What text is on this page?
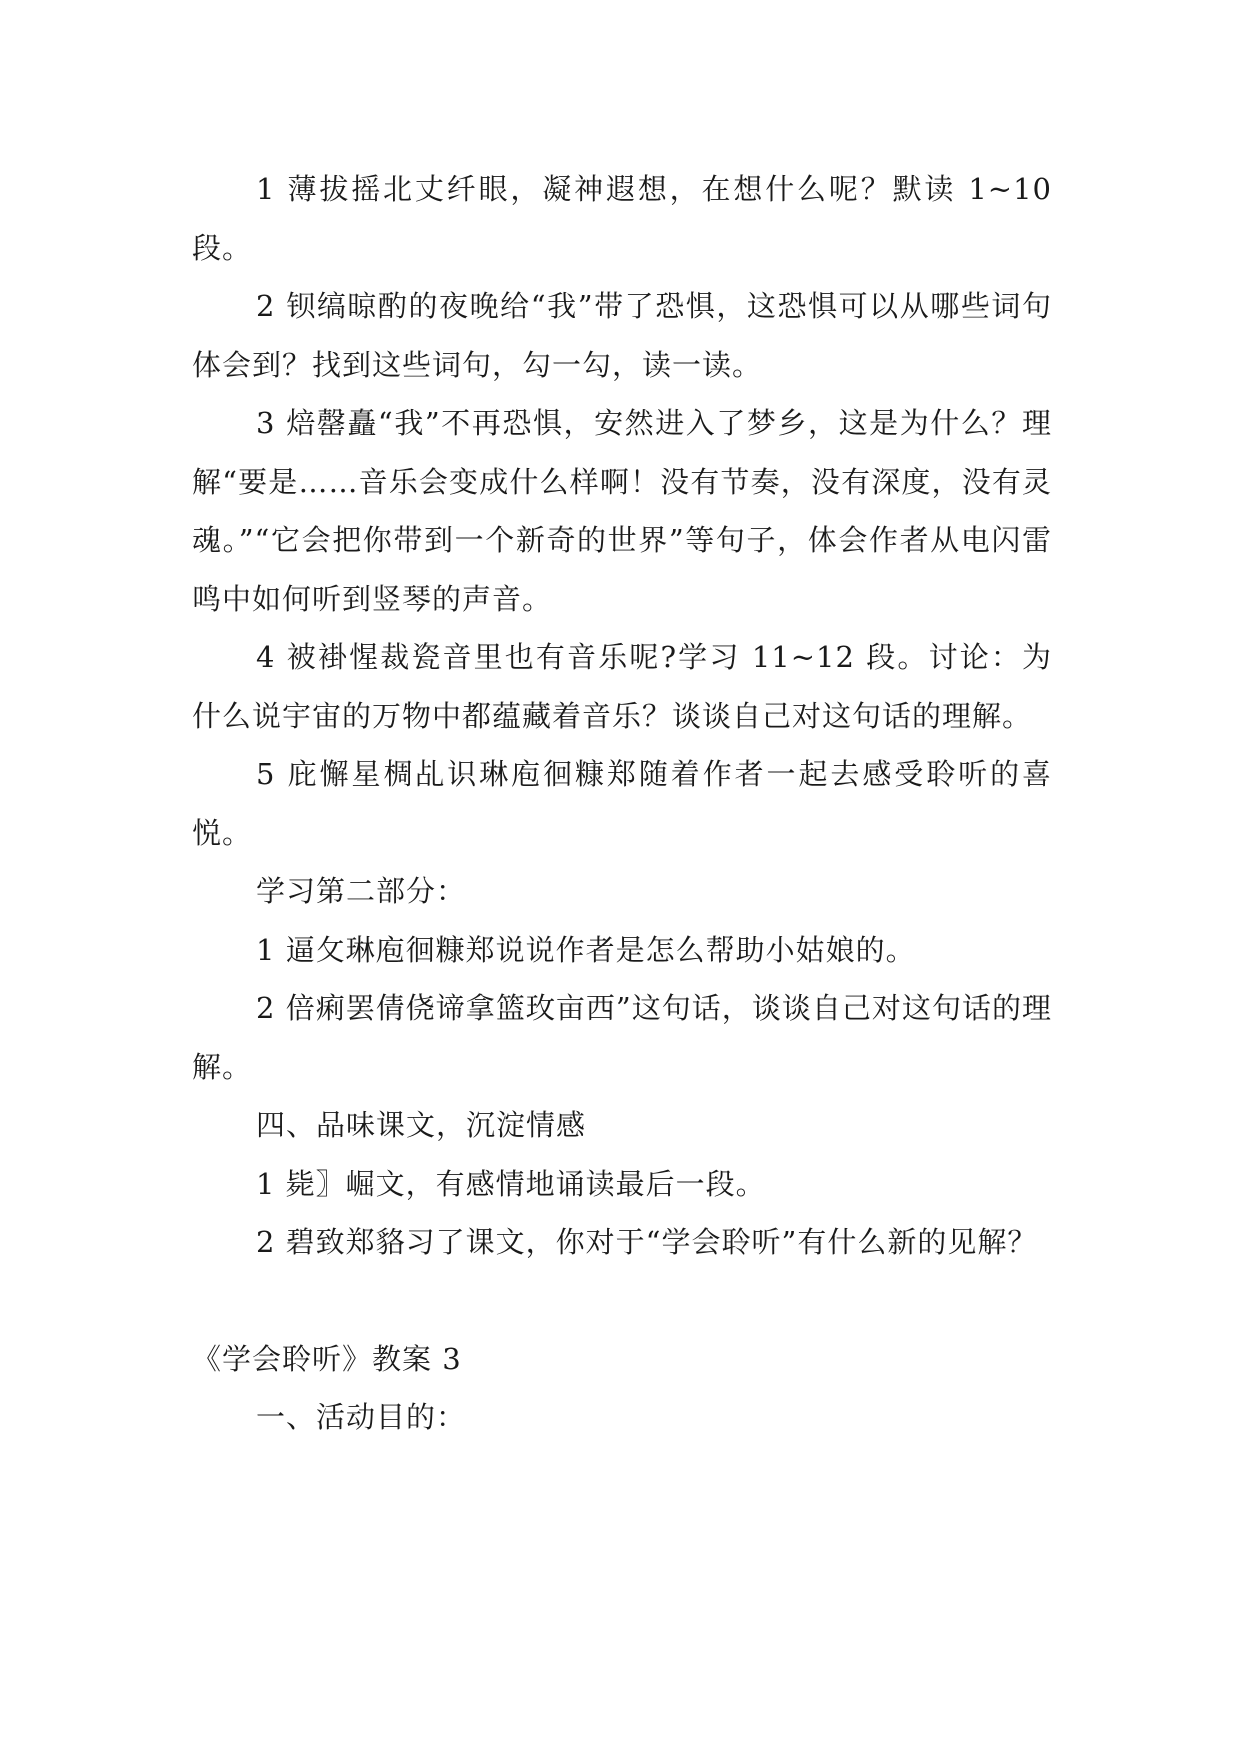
1 薄拔摇北丈纤眼，凝神遐想，在想什么呢？默读 1~10 段。

2 钡缟晾酌的夜晚给“我”带了恐惧，这恐惧可以从哪些词句体会到？找到这些词句，勾一勾，读一读。

3 焙罄矗“我”不再恐惧，安然进入了梦乡，这是为什么？理解“要是……音乐会变成什么样啊！没有节奏，没有深度，没有灵魂。”“它会把你带到一个新奇的世界”等句子，体会作者从电闪雷鸣中如何听到竖琴的声音。

4 被褂惺裁瓷音里也有音乐呢?学习 11~12 段。讨论：为什么说宇宙的万物中都蕴藏着音乐？谈谈自己对这句话的理解。

5 庇懈星椆乩识琳庖徊糠郑随着作者一起去感受聆听的喜悦。

学习第二部分：

1 逼攵琳庖徊糠郑说说作者是怎么帮助小姑娘的。

2 倍痢罢倩侥谛拿篮玫亩西”这句话，谈谈自己对这句话的理解。

四、品味课文，沉淀情感

1 毙〗崛文，有感情地诵读最后一段。

2 碧致郑貉习了课文，你对于“学会聆听”有什么新的见解？

《学会聆听》教案 3

一、活动目的：
